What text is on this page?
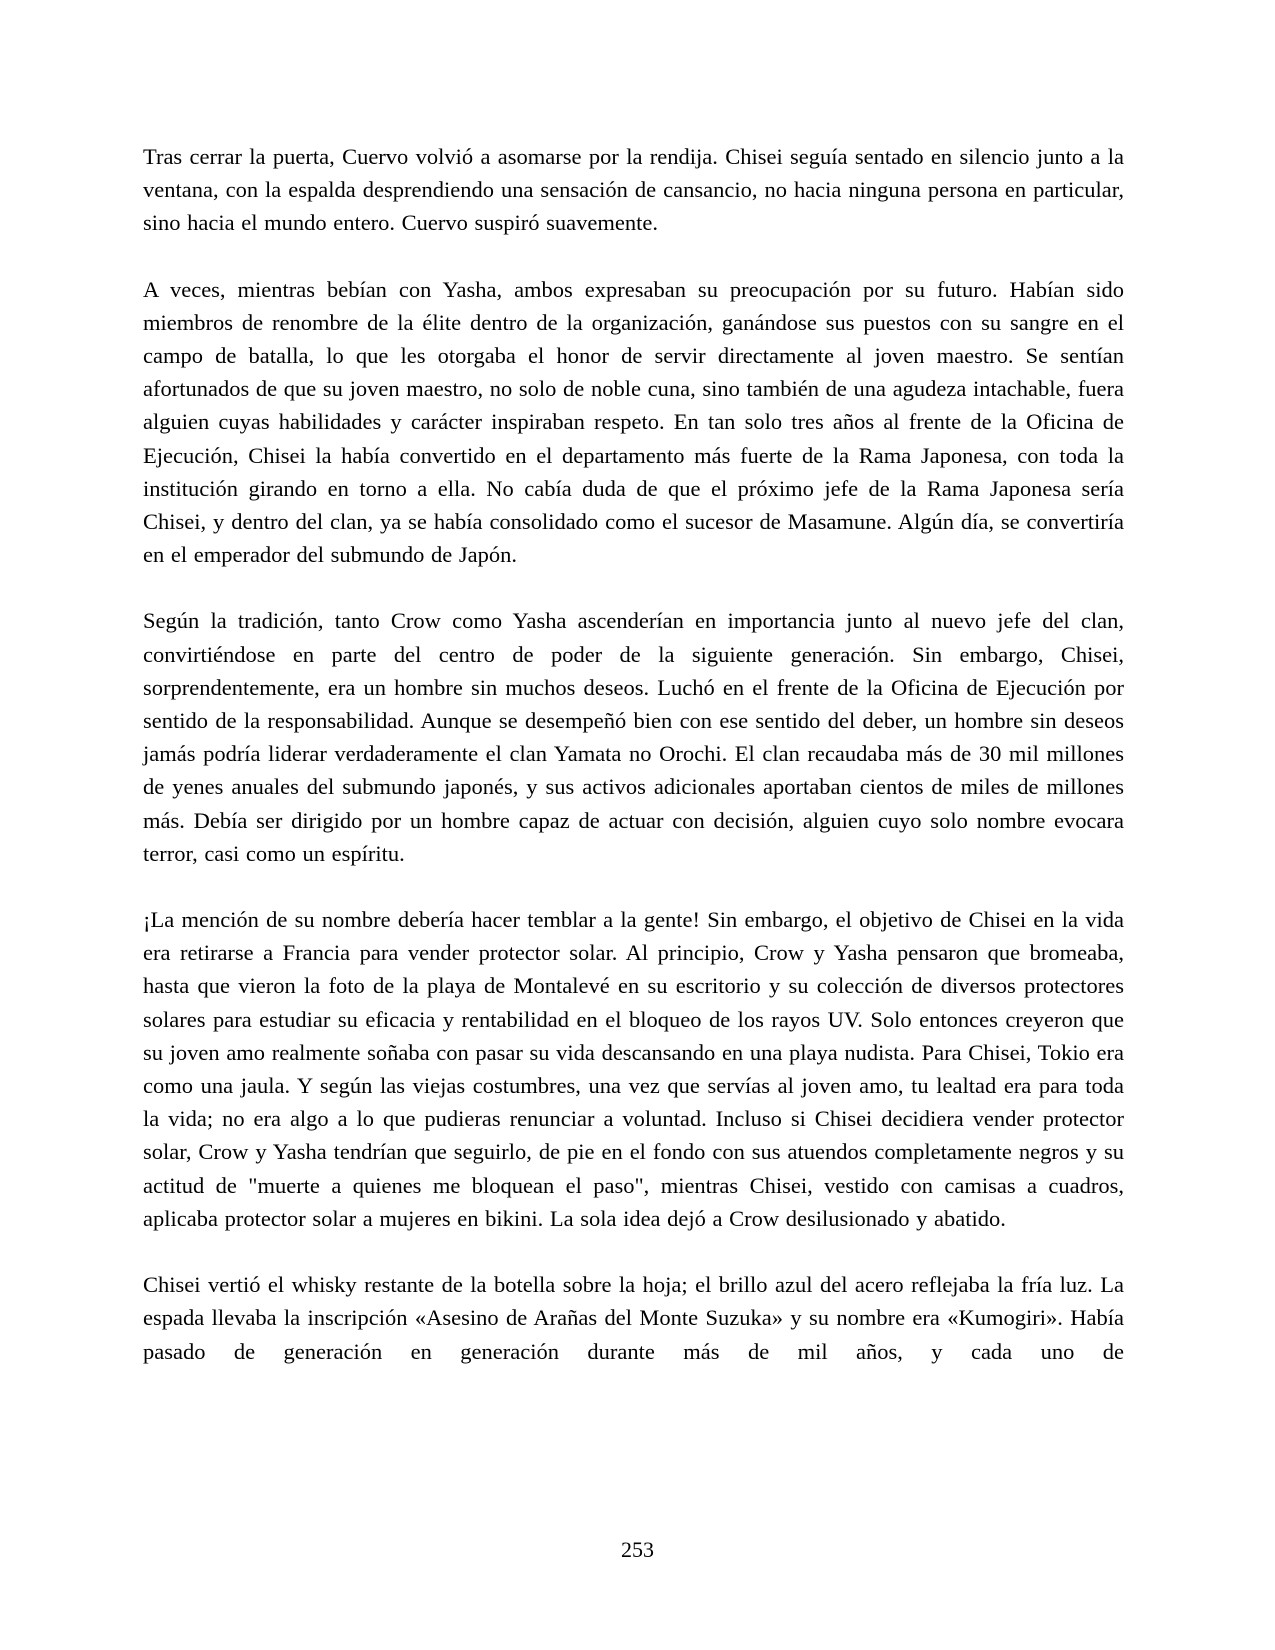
Tras cerrar la puerta, Cuervo volvió a asomarse por la rendija. Chisei seguía sentado en silencio junto a la ventana, con la espalda desprendiendo una sensación de cansancio, no hacia ninguna persona en particular, sino hacia el mundo entero. Cuervo suspiró suavemente.

A veces, mientras bebían con Yasha, ambos expresaban su preocupación por su futuro. Habían sido miembros de renombre de la élite dentro de la organización, ganándose sus puestos con su sangre en el campo de batalla, lo que les otorgaba el honor de servir directamente al joven maestro. Se sentían afortunados de que su joven maestro, no solo de noble cuna, sino también de una agudeza intachable, fuera alguien cuyas habilidades y carácter inspiraban respeto. En tan solo tres años al frente de la Oficina de Ejecución, Chisei la había convertido en el departamento más fuerte de la Rama Japonesa, con toda la institución girando en torno a ella. No cabía duda de que el próximo jefe de la Rama Japonesa sería Chisei, y dentro del clan, ya se había consolidado como el sucesor de Masamune. Algún día, se convertiría en el emperador del submundo de Japón.

Según la tradición, tanto Crow como Yasha ascenderían en importancia junto al nuevo jefe del clan, convirtiéndose en parte del centro de poder de la siguiente generación. Sin embargo, Chisei, sorprendentemente, era un hombre sin muchos deseos. Luchó en el frente de la Oficina de Ejecución por sentido de la responsabilidad. Aunque se desempeñó bien con ese sentido del deber, un hombre sin deseos jamás podría liderar verdaderamente el clan Yamata no Orochi. El clan recaudaba más de 30 mil millones de yenes anuales del submundo japonés, y sus activos adicionales aportaban cientos de miles de millones más. Debía ser dirigido por un hombre capaz de actuar con decisión, alguien cuyo solo nombre evocara terror, casi como un espíritu.

¡La mención de su nombre debería hacer temblar a la gente! Sin embargo, el objetivo de Chisei en la vida era retirarse a Francia para vender protector solar. Al principio, Crow y Yasha pensaron que bromeaba, hasta que vieron la foto de la playa de Montalevé en su escritorio y su colección de diversos protectores solares para estudiar su eficacia y rentabilidad en el bloqueo de los rayos UV. Solo entonces creyeron que su joven amo realmente soñaba con pasar su vida descansando en una playa nudista. Para Chisei, Tokio era como una jaula. Y según las viejas costumbres, una vez que servías al joven amo, tu lealtad era para toda la vida; no era algo a lo que pudieras renunciar a voluntad. Incluso si Chisei decidiera vender protector solar, Crow y Yasha tendrían que seguirlo, de pie en el fondo con sus atuendos completamente negros y su actitud de "muerte a quienes me bloquean el paso", mientras Chisei, vestido con camisas a cuadros, aplicaba protector solar a mujeres en bikini. La sola idea dejó a Crow desilusionado y abatido.

Chisei vertió el whisky restante de la botella sobre la hoja; el brillo azul del acero reflejaba la fría luz. La espada llevaba la inscripción «Asesino de Arañas del Monte Suzuka» y su nombre era «Kumogiri». Había pasado de generación en generación durante más de mil años, y cada uno de

253
